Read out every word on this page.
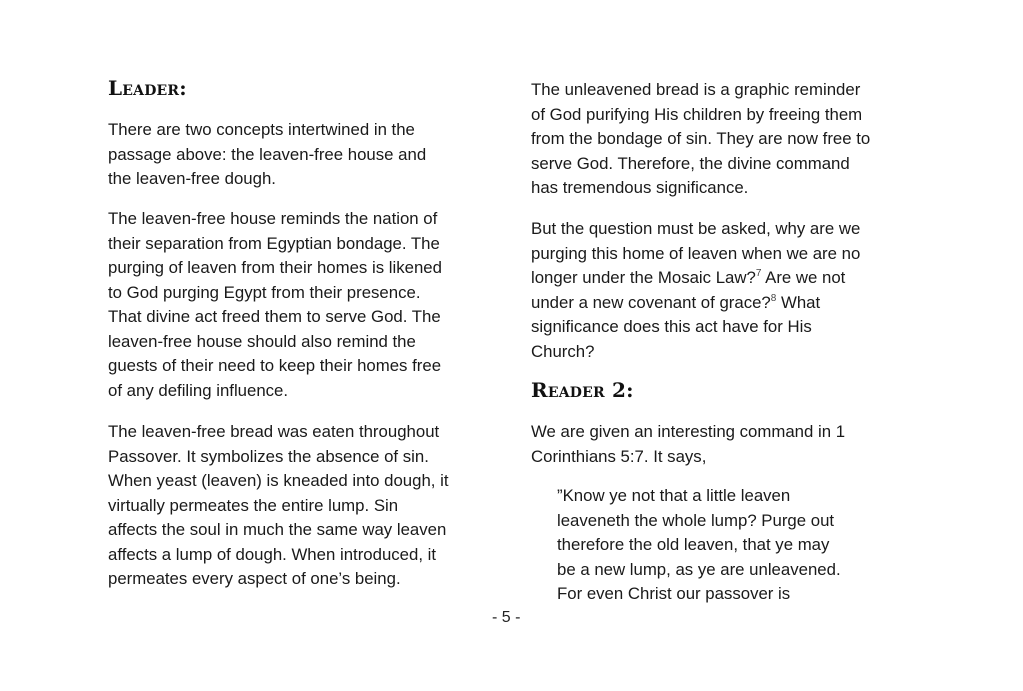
Leader:
There are two concepts intertwined in the
passage above: the leaven-free house and
the leaven-free dough.
The leaven-free house reminds the nation of
their separation from Egyptian bondage. The
purging of leaven from their homes is likened
to God purging Egypt from their presence.
That divine act freed them to serve God. The
leaven-free house should also remind the
guests of their need to keep their homes free
of any defiling influence.
The leaven-free bread was eaten throughout
Passover. It symbolizes the absence of sin.
When yeast (leaven) is kneaded into dough, it
virtually permeates the entire lump. Sin
affects the soul in much the same way leaven
affects a lump of dough. When introduced, it
permeates every aspect of one’s being.
The unleavened bread is a graphic reminder
of God purifying His children by freeing them
from the bondage of sin. They are now free to
serve God. Therefore, the divine command
has tremendous significance.
But the question must be asked, why are we
purging this home of leaven when we are no
longer under the Mosaic Law?$^7$ Are we not
under a new covenant of grace?$^8$ What
significance does this act have for His
Church?
Reader 2:
We are given an interesting command in 1
Corinthians 5:7. It says,
”Know ye not that a little leaven
leaveneth the whole lump? Purge out
therefore the old leaven, that ye may
be a new lump, as ye are unleavened.
For even Christ our passover is
- 5 -
